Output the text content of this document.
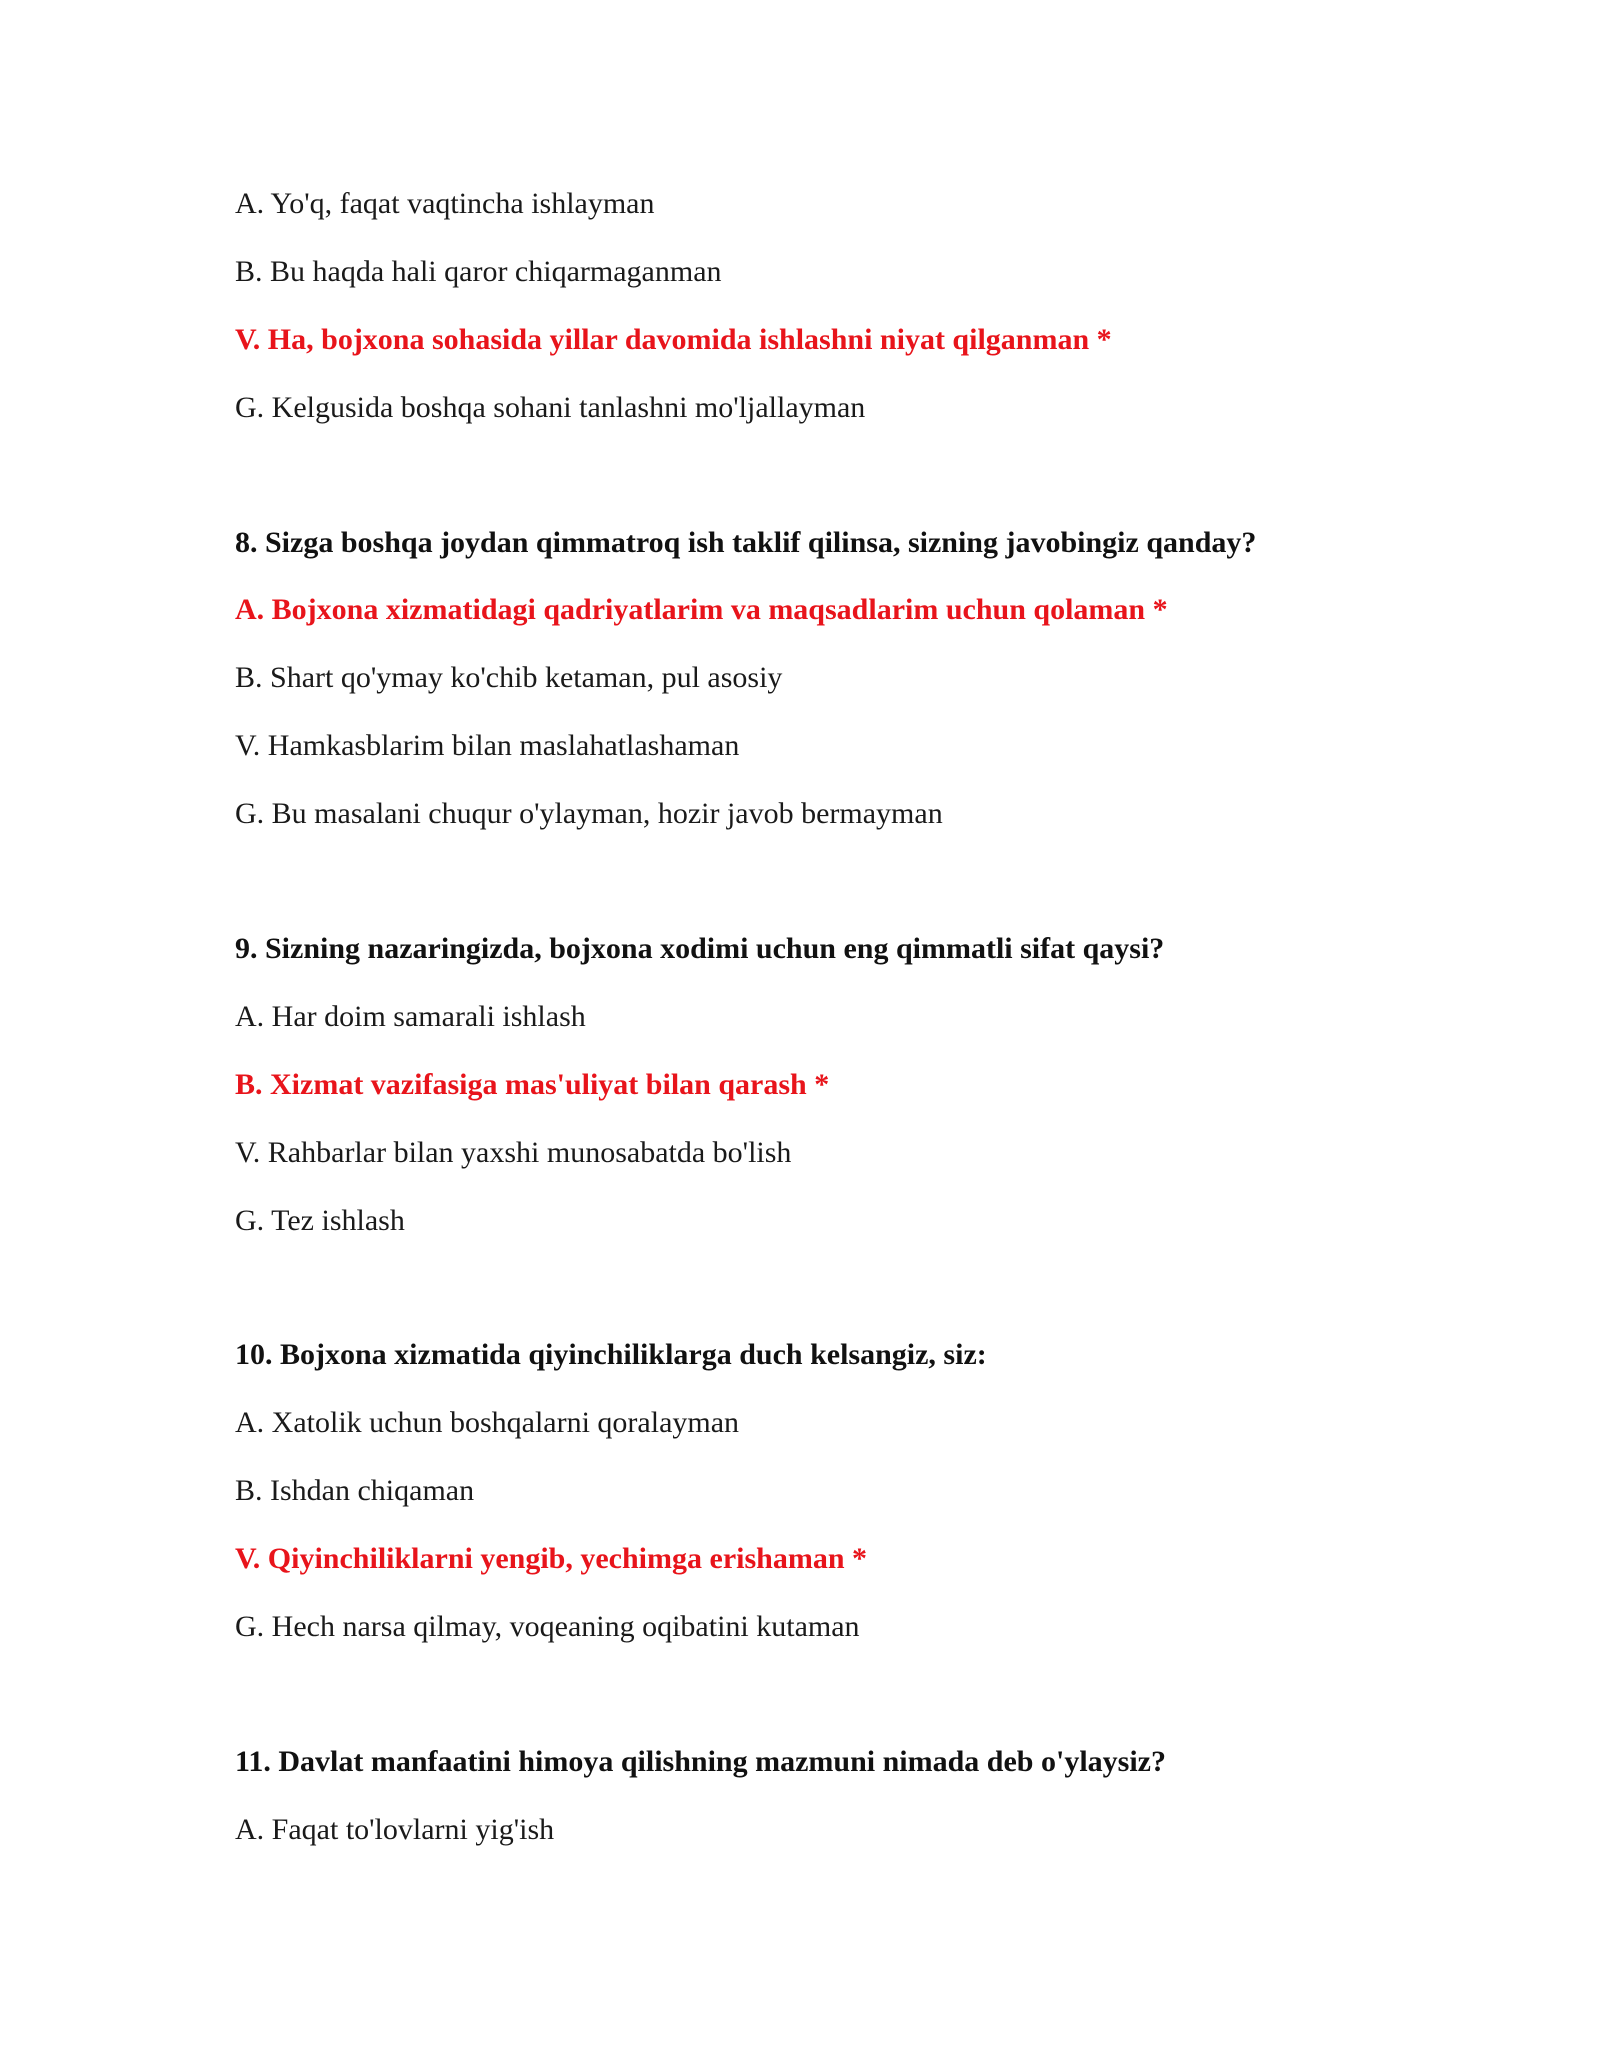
A. Yo'q, faqat vaqtincha ishlayman
B. Bu haqda hali qaror chiqarmaganman
V. Ha, bojxona sohasida yillar davomida ishlashni niyat qilganman *
G. Kelgusida boshqa sohani tanlashni mo'ljallayman
8. Sizga boshqa joydan qimmatroq ish taklif qilinsa, sizning javobingiz qanday?
A. Bojxona xizmatidagi qadriyatlarim va maqsadlarim uchun qolaman *
B. Shart qo'ymay ko'chib ketaman, pul asosiy
V. Hamkasblarim bilan maslahatlashaman
G. Bu masalani chuqur o'ylayman, hozir javob bermayman
9. Sizning nazaringizda, bojxona xodimi uchun eng qimmatli sifat qaysi?
A. Har doim samarali ishlash
B. Xizmat vazifasiga mas'uliyat bilan qarash *
V. Rahbarlar bilan yaxshi munosabatda bo'lish
G. Tez ishlash
10. Bojxona xizmatida qiyinchiliklarga duch kelsangiz, siz:
A. Xatolik uchun boshqalarni qoralayman
B. Ishdan chiqaman
V. Qiyinchiliklarni yengib, yechimga erishaman *
G. Hech narsa qilmay, voqeaning oqibatini kutaman
11. Davlat manfaatini himoya qilishning mazmuni nimada deb o'ylaysiz?
A. Faqat to'lovlarni yig'ish
